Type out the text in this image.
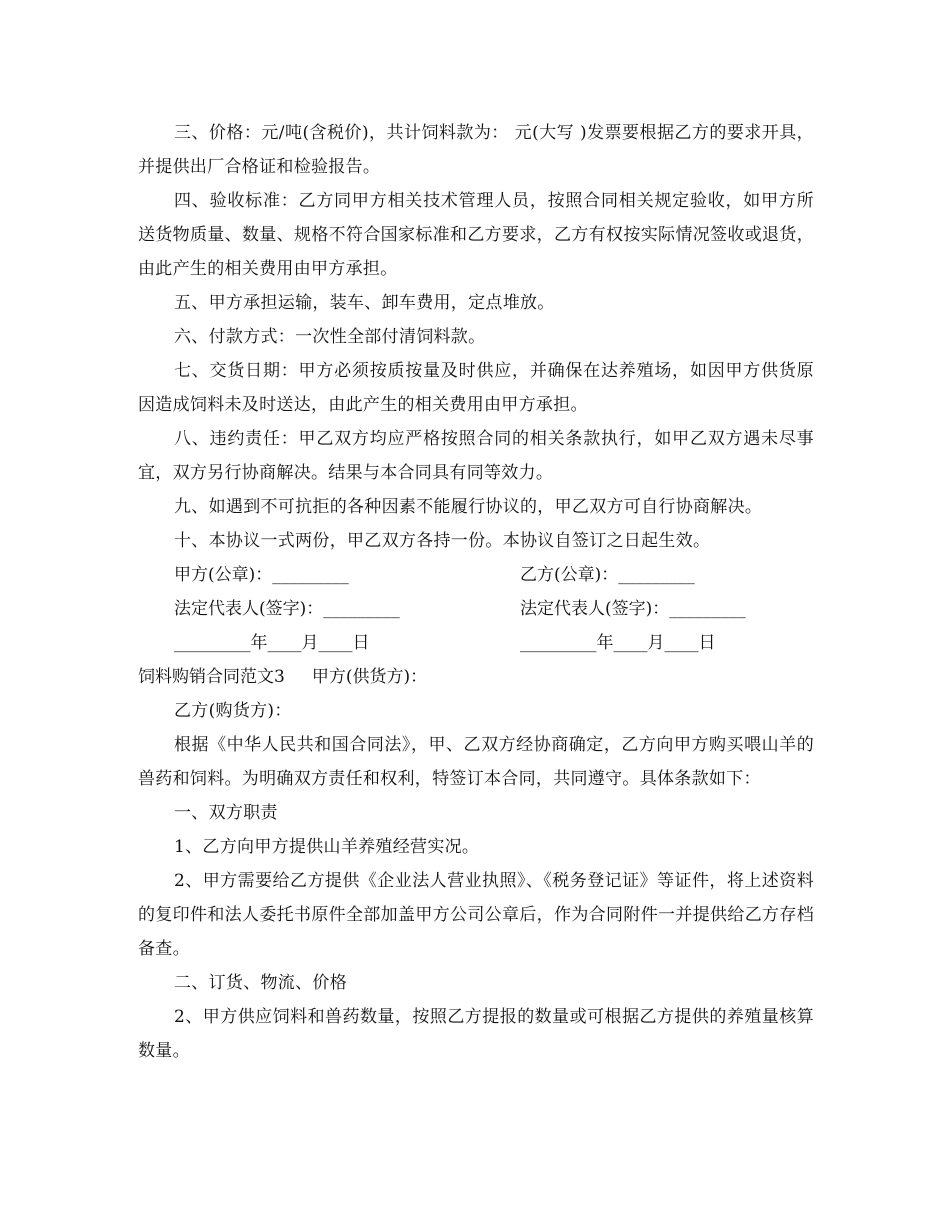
三、价格：元/吨(含税价)，共计饲料款为： 元(大写 )发票要根据乙方的要求开具，并提供出厂合格证和检验报告。

四、验收标准：乙方同甲方相关技术管理人员，按照合同相关规定验收，如甲方所送货物质量、数量、规格不符合国家标准和乙方要求，乙方有权按实际情况签收或退货，由此产生的相关费用由甲方承担。

五、甲方承担运输，装车、卸车费用，定点堆放。

六、付款方式：一次性全部付清饲料款。

七、交货日期：甲方必须按质按量及时供应，并确保在达养殖场，如因甲方供货原因造成饲料未及时送达，由此产生的相关费用由甲方承担。

八、违约责任：甲乙双方均应严格按照合同的相关条款执行，如甲乙双方遇未尽事宜，双方另行协商解决。结果与本合同具有同等效力。

九、如遇到不可抗拒的各种因素不能履行协议的，甲乙双方可自行协商解决。

十、本协议一式两份，甲乙双方各持一份。本协议自签订之日起生效。

甲方(公章)：_________	乙方(公章)：_________
法定代表人(签字)：_________	法定代表人(签字)：_________
_________年____月____日	_________年____月____日
饲料购销合同范文3     甲方(供货方)：

乙方(购货方)：

根据《中华人民共和国合同法》，甲、乙双方经协商确定，乙方向甲方购买喂山羊的兽药和饲料。为明确双方责任和权利，特签订本合同，共同遵守。具体条款如下：

一、双方职责

1、乙方向甲方提供山羊养殖经营实况。

2、甲方需要给乙方提供《企业法人营业执照》、《税务登记证》等证件，将上述资料的复印件和法人委托书原件全部加盖甲方公司公章后，作为合同附件一并提供给乙方存档备查。

二、订货、物流、价格

2、甲方供应饲料和兽药数量，按照乙方提报的数量或可根据乙方提供的养殖量核算数量。
